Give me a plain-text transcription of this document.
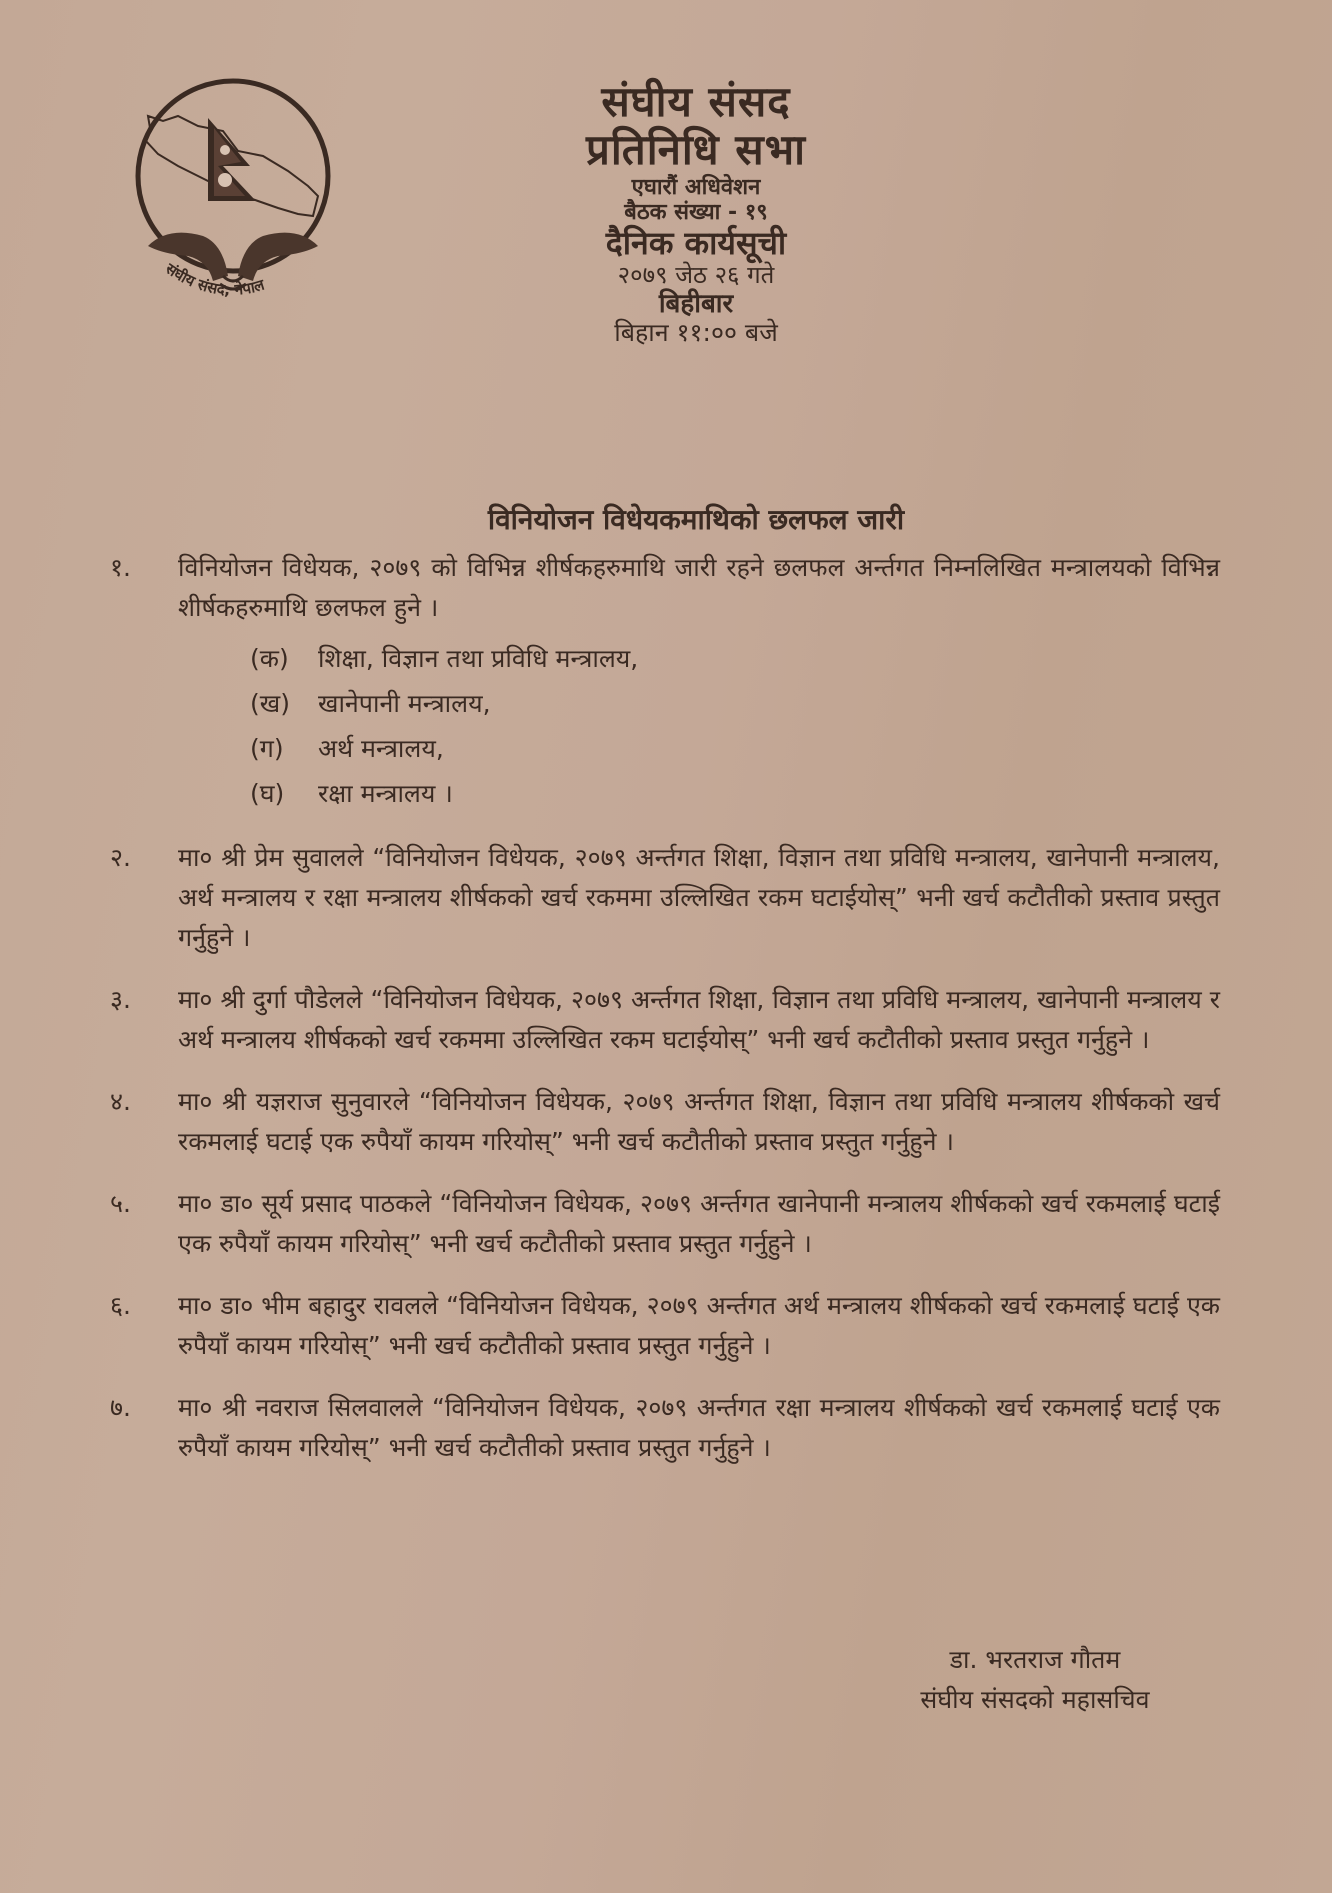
संघीय संसद, नेपाल
संघीय संसद
प्रतिनिधि सभा
एघारौं अधिवेशन
बैठक संख्या - १९
दैनिक कार्यसूची
२०७९ जेठ २६ गते
बिहीबार
बिहान ११:०० बजे
विनियोजन विधेयकमाथिको छलफल जारी
१.	विनियोजन विधेयक, २०७९ को विभिन्न शीर्षकहरुमाथि जारी रहने छलफल अर्न्तगत निम्नलिखित मन्त्रालयको विभिन्न शीर्षकहरुमाथि छलफल हुने ।
(क)	शिक्षा, विज्ञान तथा प्रविधि मन्त्रालय,
(ख)	खानेपानी मन्त्रालय,
(ग)	अर्थ मन्त्रालय,
(घ)	रक्षा मन्त्रालय ।
२.	मा० श्री प्रेम सुवालले “विनियोजन विधेयक, २०७९ अर्न्तगत शिक्षा, विज्ञान तथा प्रविधि मन्त्रालय, खानेपानी मन्त्रालय, अर्थ मन्त्रालय र रक्षा मन्त्रालय शीर्षकको खर्च रकममा उल्लिखित रकम घटाईयोस्” भनी खर्च कटौतीको प्रस्ताव प्रस्तुत गर्नुहुने ।
३.	मा० श्री दुर्गा पौडेलले “विनियोजन विधेयक, २०७९ अर्न्तगत शिक्षा, विज्ञान तथा प्रविधि मन्त्रालय, खानेपानी मन्त्रालय र अर्थ मन्त्रालय शीर्षकको खर्च रकममा उल्लिखित रकम घटाईयोस्” भनी खर्च कटौतीको प्रस्ताव प्रस्तुत गर्नुहुने ।
४.	मा० श्री यज्ञराज सुनुवारले “विनियोजन विधेयक, २०७९ अर्न्तगत शिक्षा, विज्ञान तथा प्रविधि मन्त्रालय शीर्षकको खर्च रकमलाई घटाई एक रुपैयाँ कायम गरियोस्” भनी खर्च कटौतीको प्रस्ताव प्रस्तुत गर्नुहुने ।
५.	मा० डा० सूर्य प्रसाद पाठकले “विनियोजन विधेयक, २०७९ अर्न्तगत खानेपानी मन्त्रालय शीर्षकको खर्च रकमलाई घटाई एक रुपैयाँ कायम गरियोस्” भनी खर्च कटौतीको प्रस्ताव प्रस्तुत गर्नुहुने ।
६.	मा० डा० भीम बहादुर रावलले “विनियोजन विधेयक, २०७९ अर्न्तगत अर्थ मन्त्रालय शीर्षकको खर्च रकमलाई घटाई एक रुपैयाँ कायम गरियोस्” भनी खर्च कटौतीको प्रस्ताव प्रस्तुत गर्नुहुने ।
७.	मा० श्री नवराज सिलवालले “विनियोजन विधेयक, २०७९ अर्न्तगत रक्षा मन्त्रालय शीर्षकको खर्च रकमलाई घटाई एक रुपैयाँ कायम गरियोस्” भनी खर्च कटौतीको प्रस्ताव प्रस्तुत गर्नुहुने ।
डा. भरतराज गौतम
संघीय संसदको महासचिव
